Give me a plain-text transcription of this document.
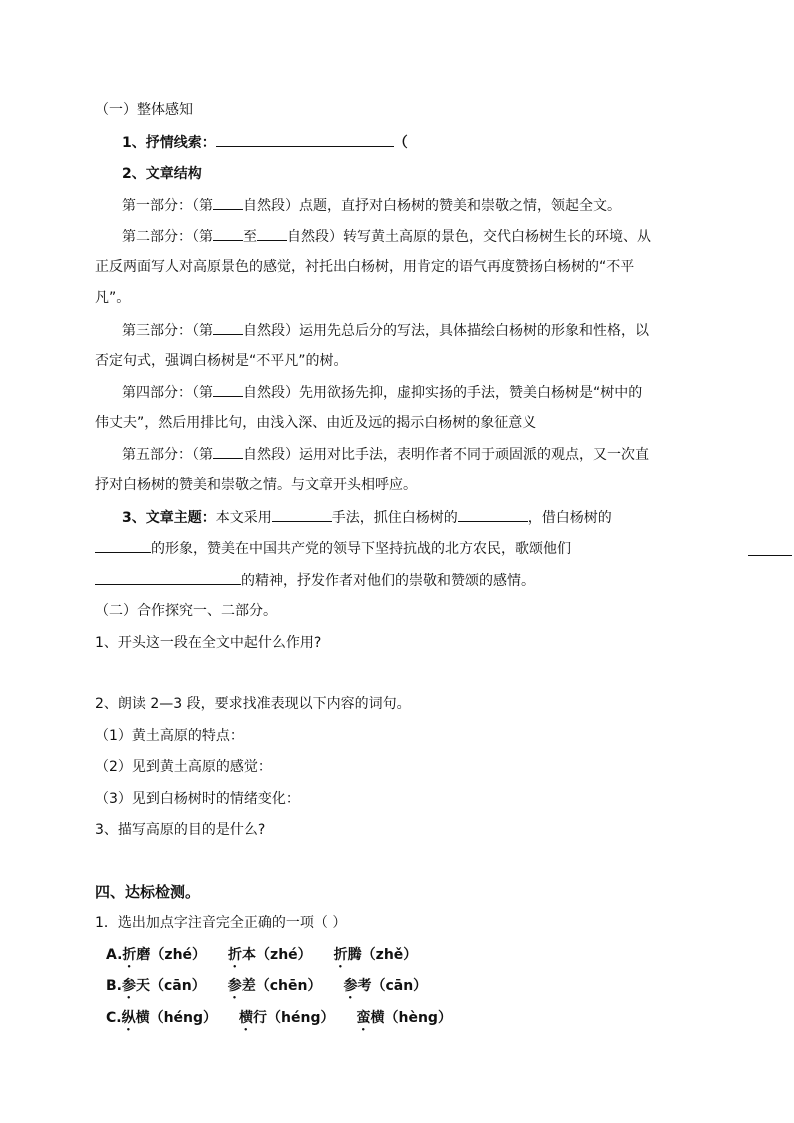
（一）整体感知
1、抒情线索：	（
2、文章结构
第一部分：（第 自然段）点题，直抒对白杨树的赞美和崇敬之情，领起全文。
第二部分：（第 至 自然段）转写黄土高原的景色，交代白杨树生长的环境、从
正反两面写人对高原景色的感觉，衬托出白杨树，用肯定的语气再度赞扬白杨树的“不平
凡”。
第三部分：（第 自然段）运用先总后分的写法，具体描绘白杨树的形象和性格，以
否定句式，强调白杨树是“不平凡”的树。
第四部分：（第 自然段）先用欲扬先抑，虚抑实扬的手法，赞美白杨树是“树中的
伟丈夫”，然后用排比句，由浅入深、由近及远的揭示白杨树的象征意义
第五部分：（第 自然段）运用对比手法，表明作者不同于顽固派的观点，又一次直
抒对白杨树的赞美和崇敬之情。与文章开头相呼应。
3、文章主题：本文采用	手法，抓住白杨树的	，借白杨树的
的形象，赞美在中国共产党的领导下坚持抗战的北方农民，歌颂他们
的精神，抒发作者对他们的崇敬和赞颂的感情。
（二）合作探究一、二部分。
1、开头这一段在全文中起什么作用?
2、朗读 2—3 段，要求找准表现以下内容的词句。
（1）黄土高原的特点：
（2）见到黄土高原的感觉：
（3）见到白杨树时的情绪变化：
3、描写高原的目的是什么?
四、达标检测。
1．选出加点字注音完全正确的一项（ ）
A.折磨（zhé） 折本（zhé） 折腾（zhě）
B.参天（cān） 参差（chēn） 参考（cān）
C.纵横（héng） 横行（héng） 蛮横（hèng）
